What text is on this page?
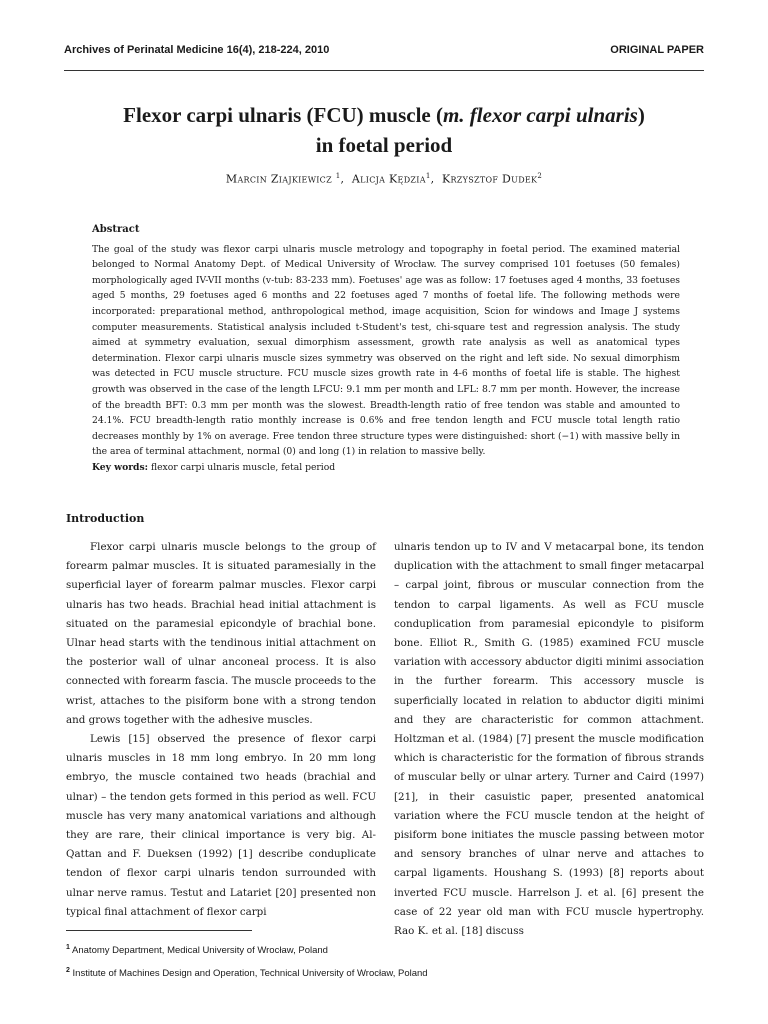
Archives of Perinatal Medicine 16(4), 218-224, 2010	ORIGINAL PAPER
Flexor carpi ulnaris (FCU) muscle (m. flexor carpi ulnaris)
in foetal period
Marcin Ziajkiewicz $^1$,  Alicja Kędzia$^1$,  Krzysztof Dudek$^2$
Abstract

The goal of the study was flexor carpi ulnaris muscle metrology and topography in foetal period. The examined material belonged to Normal Anatomy Dept. of Medical University of Wrocław. The survey comprised 101 foetuses (50 females) morphologically aged IV-VII months (v-tub: 83-233 mm). Foetuses' age was as follow: 17 foetuses aged 4 months, 33 foetuses aged 5 months, 29 foetuses aged 6 months and 22 foetuses aged 7 months of foetal life. The following methods were incorporated: preparational method, anthropological method, image acquisition, Scion for windows and Image J systems computer measurements. Statistical analysis included t-Student's test, chi-square test and regression analysis. The study aimed at symmetry evaluation, sexual dimorphism assessment, growth rate analysis as well as anatomical types determination. Flexor carpi ulnaris muscle sizes symmetry was observed on the right and left side. No sexual dimorphism was detected in FCU muscle structure. FCU muscle sizes growth rate in 4-6 months of foetal life is stable. The highest growth was observed in the case of the length LFCU: 9.1 mm per month and LFL: 8.7 mm per month. However, the increase of the breadth BFT: 0.3 mm per month was the slowest. Breadth-length ratio of free tendon was stable and amounted to 24.1%. FCU breadth-length ratio monthly increase is 0.6% and free tendon length and FCU muscle total length ratio decreases monthly by 1% on average. Free tendon three structure types were distinguished: short (−1) with massive belly in the area of terminal attachment, normal (0) and long (1) in relation to massive belly.

Key words: flexor carpi ulnaris muscle, fetal period

Introduction

Flexor carpi ulnaris muscle belongs to the group of forearm palmar muscles. It is situated paramesially in the superficial layer of forearm palmar muscles. Flexor carpi ulnaris has two heads. Brachial head initial attachment is situated on the paramesial epicondyle of brachial bone. Ulnar head starts with the tendinous initial attachment on the posterior wall of ulnar anconeal process. It is also connected with forearm fascia. The muscle proceeds to the wrist, attaches to the pisiform bone with a strong tendon and grows together with the adhesive muscles.

Lewis [15] observed the presence of flexor carpi ulnaris muscles in 18 mm long embryo. In 20 mm long embryo, the muscle contained two heads (brachial and ulnar) – the tendon gets formed in this period as well. FCU muscle has very many anatomical variations and although they are rare, their clinical importance is very big. Al-Qattan and F. Dueksen (1992) [1] describe conduplicate tendon of flexor carpi ulnaris tendon surrounded with ulnar nerve ramus. Testut and Latariet [20] presented non typical final attachment of flexor carpi

ulnaris tendon up to IV and V metacarpal bone, its tendon duplication with the attachment to small finger metacarpal – carpal joint, fibrous or muscular connection from the tendon to carpal ligaments. As well as FCU muscle conduplication from paramesial epicondyle to pisiform bone. Elliot R., Smith G. (1985) examined FCU muscle variation with accessory abductor digiti minimi association in the further forearm. This accessory muscle is superficially located in relation to abductor digiti minimi and they are characteristic for common attachment. Holtzman et al. (1984) [7] present the muscle modification which is characteristic for the formation of fibrous strands of muscular belly or ulnar artery. Turner and Caird (1997) [21], in their casuistic paper, presented anatomical variation where the FCU muscle tendon at the height of pisiform bone initiates the muscle passing between motor and sensory branches of ulnar nerve and attaches to carpal ligaments. Houshang S. (1993) [8] reports about inverted FCU muscle. Harrelson J. et al. [6] present the case of 22 year old man with FCU muscle hypertrophy. Rao K. et al. [18] discuss

$^1$ Anatomy Department, Medical University of Wrocław, Poland
$^2$ Institute of Machines Design and Operation, Technical University of Wrocław, Poland
